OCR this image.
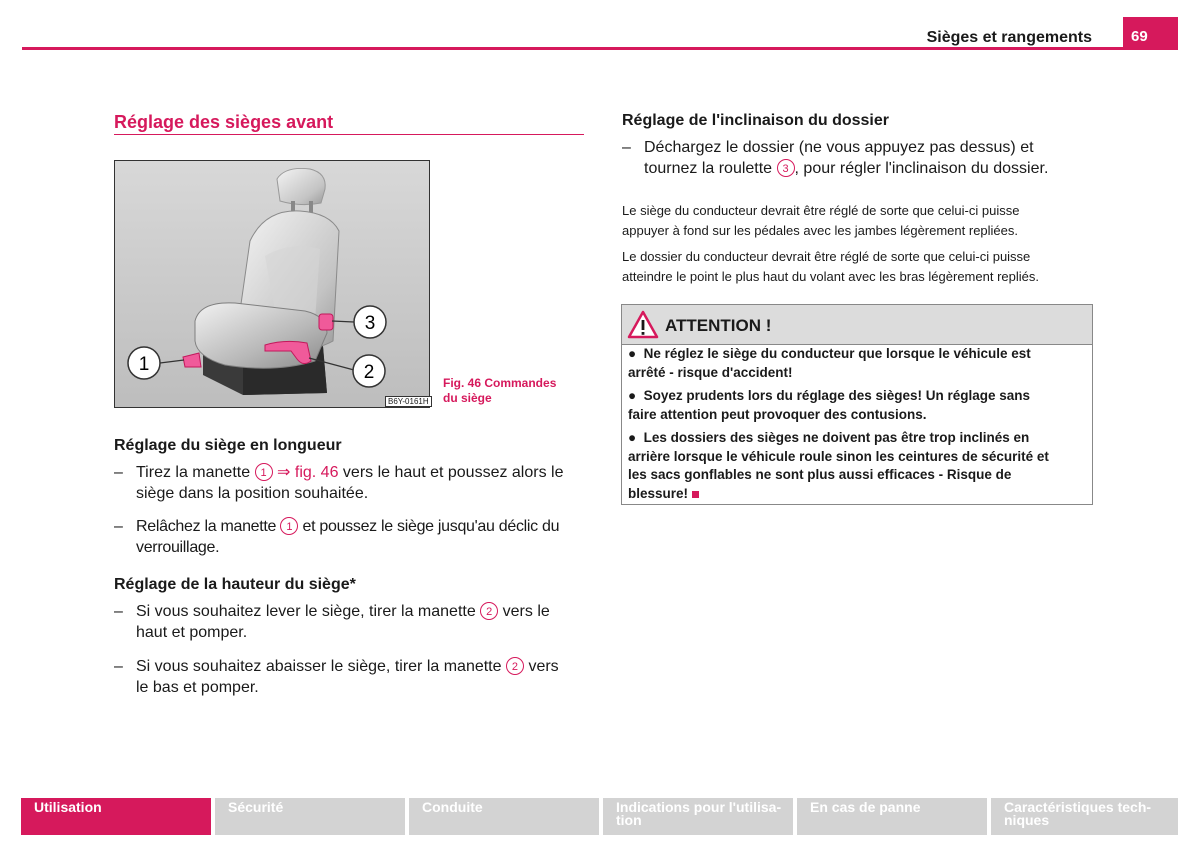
Sièges et rangements	69
Réglage des sièges avant
1	2
3
B6Y-0161H
Fig. 46 Commandes
du siège
Réglage du siège en longueur
– Tirez la manette 1 ⇒ fig. 46 vers le haut et poussez alors le
siège dans la position souhaitée.
– Relâchez la manette 1 et poussez le siège jusqu'au déclic du
verrouillage.
Réglage de la hauteur du siège*
– Si vous souhaitez lever le siège, tirer la manette 2 vers le
haut et pomper.
– Si vous souhaitez abaisser le siège, tirer la manette 2 vers
le bas et pomper.
Réglage de l'inclinaison du dossier
– Déchargez le dossier (ne vous appuyez pas dessus) et
tournez la roulette 3 , pour régler l'inclinaison du dossier.
Le siège du conducteur devrait être réglé de sorte que celui-ci puisse
appuyer à fond sur les pédales avec les jambes légèrement repliées.
Le dossier du conducteur devrait être réglé de sorte que celui-ci puisse
atteindre le point le plus haut du volant avec les bras légèrement repliés.
ATTENTION !
●  Ne réglez le siège du conducteur que lorsque le véhicule est
arrêté - risque d'accident!
●  Soyez prudents lors du réglage des sièges! Un réglage sans
faire attention peut provoquer des contusions.
●  Les dossiers des sièges ne doivent pas être trop inclinés en
arrière lorsque le véhicule roule sinon les ceintures de sécurité et
les sacs gonflables ne sont plus aussi efficaces - Risque de
blessure!
Utilisation	Sécurité	Conduite	Indications pour l'utilisa-
tion
En cas de panne	Caractéristiques tech-
niques
